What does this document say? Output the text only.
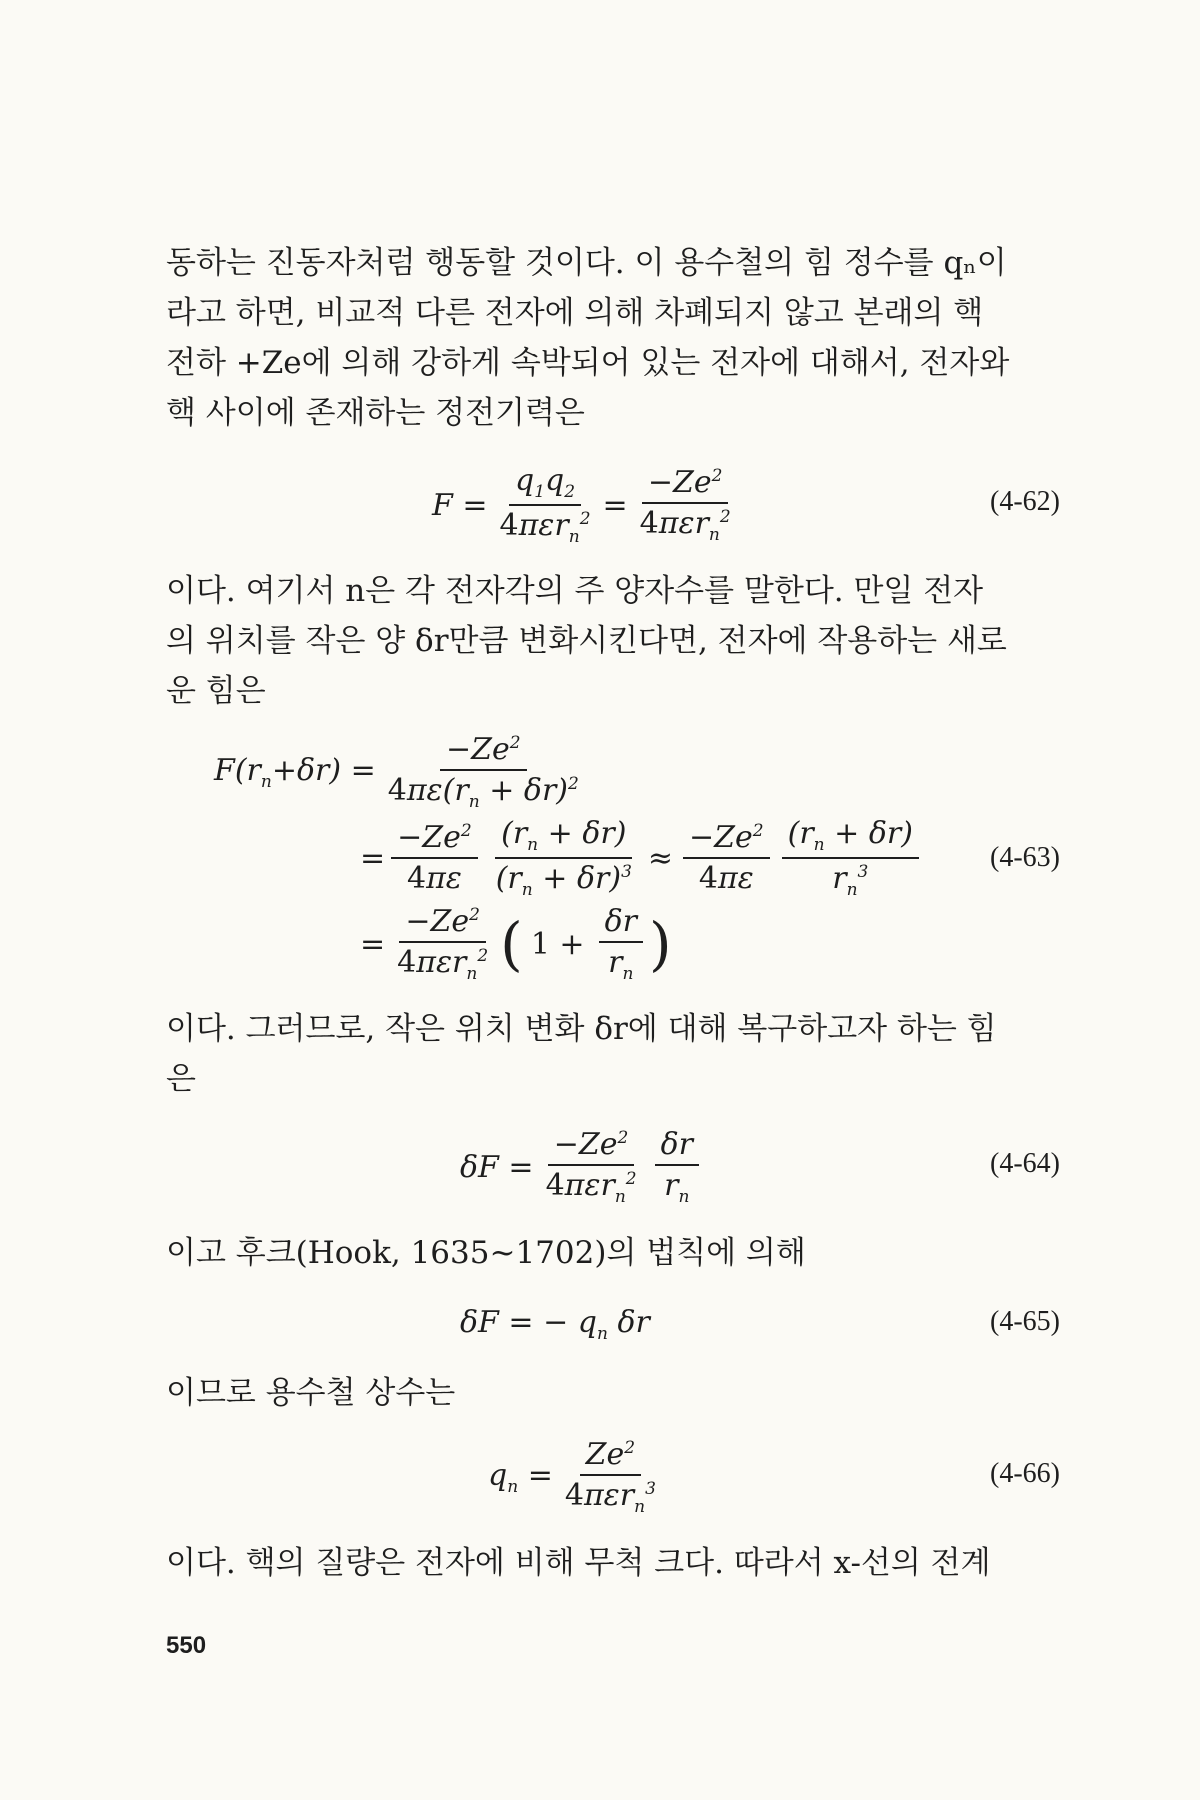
동하는 진동자처럼 행동할 것이다. 이 용수철의 힘 정수를 qₙ이
라고 하면, 비교적 다른 전자에 의해 차폐되지 않고 본래의 핵
전하 +Ze에 의해 강하게 속박되어 있는 전자에 대해서, 전자와
핵 사이에 존재하는 정전기력은
$F = \frac{q_1q_2}{4\pi\varepsilon r_n^2} = \frac{-Ze^2}{4\pi\varepsilon r_n^2}$	(4-62)
이다. 여기서 n은 각 전자각의 주 양자수를 말한다. 만일 전자
의 위치를 작은 양 δr만큼 변화시킨다면, 전자에 작용하는 새로
운 힘은
$F(r_n+\delta r) = \frac{-Ze^2}{4\pi\varepsilon(r_n + \delta r)^2}$
= $\frac{-Ze^2}{4\pi\varepsilon} \frac{(r_n + \delta r)}{(r_n + \delta r)^3} \approx \frac{-Ze^2}{4\pi\varepsilon} \frac{(r_n + \delta r)}{r_n^3}$	(4-63)
= $\frac{-Ze^2}{4\pi\varepsilon r_n^2}$ ( $1 + \frac{\delta r}{r_n}$ )
이다. 그러므로, 작은 위치 변화 δr에 대해 복구하고자 하는 힘
은
$\delta F = \frac{-Ze^2}{4\pi\varepsilon r_n^2} \frac{\delta r}{r_n}$	(4-64)
이고 후크(Hook, 1635~1702)의 법칙에 의해
δF = − $q_n$ δr	(4-65)
이므로 용수철 상수는
$q_n = \frac{Ze^2}{4\pi\varepsilon r_n^3}$	(4-66)
이다. 핵의 질량은 전자에 비해 무척 크다. 따라서 x-선의 전계
550
